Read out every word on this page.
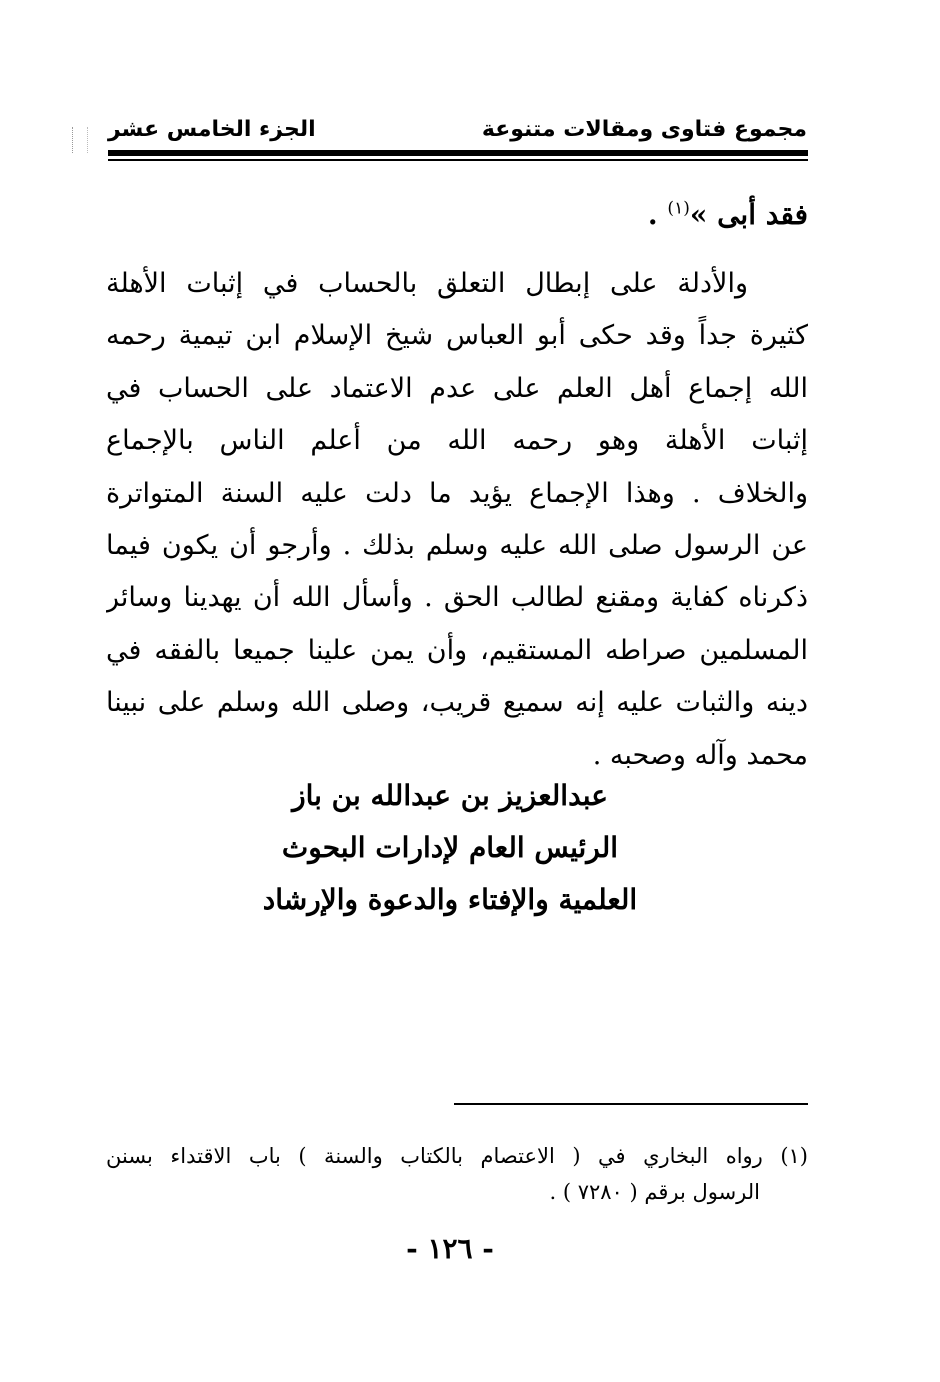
مجموع فتاوى ومقالات متنوعة
الجزء الخامس عشر
فقد أبى »$^{(١)}$ .
والأدلة على إبطال التعلق بالحساب في إثبات الأهلة
كثيرة جداً وقد حكى أبو العباس شيخ الإسلام ابن تيمية رحمه
الله إجماع أهل العلم على عدم الاعتماد على الحساب في
إثبات الأهلة وهو رحمه الله من أعلم الناس بالإجماع
والخلاف . وهذا الإجماع يؤيد ما دلت عليه السنة المتواترة
عن الرسول صلى الله عليه وسلم بذلك . وأرجو أن يكون فيما
ذكرناه كفاية ومقنع لطالب الحق . وأسأل الله أن يهدينا وسائر
المسلمين صراطه المستقيم، وأن يمن علينا جميعا بالفقه في
دينه والثبات عليه إنه سميع قريب، وصلى الله وسلم على نبينا
محمد وآله وصحبه .
عبدالعزيز بن عبدالله بن باز
الرئيس العام لإدارات البحوث
العلمية والإفتاء والدعوة والإرشاد
(١) رواه البخاري في ( الاعتصام بالكتاب والسنة ) باب الاقتداء بسنن
الرسول برقم ( ٧٢٨٠ ) .
- ١٢٦ -
